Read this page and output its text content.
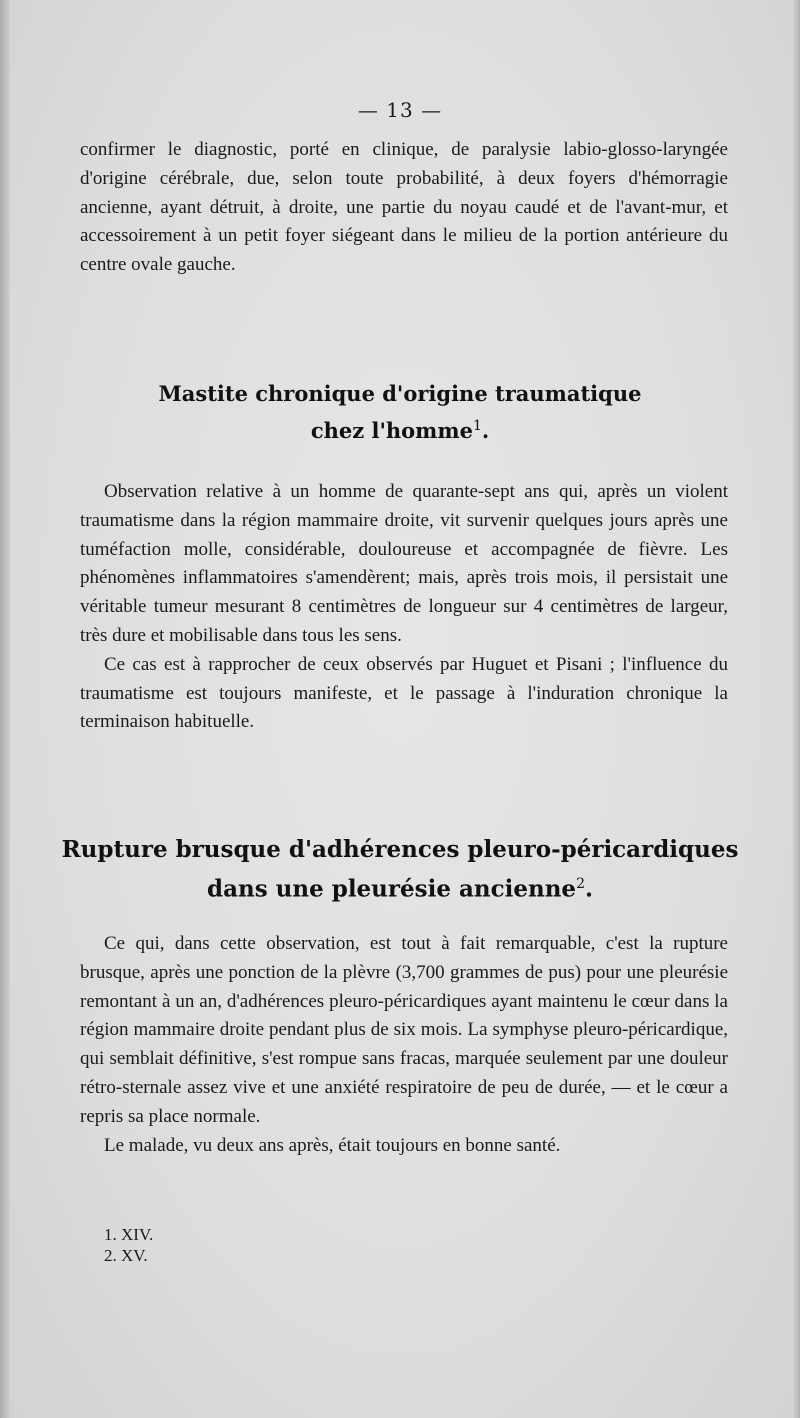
— 13 —

confirmer le diagnostic, porté en clinique, de paralysie labio-glosso-laryngée d'origine cérébrale, due, selon toute probabilité, à deux foyers d'hémorragie ancienne, ayant détruit, à droite, une partie du noyau caudé et de l'avant-mur, et accessoirement à un petit foyer siégeant dans le milieu de la portion antérieure du centre ovale gauche.

Mastite chronique d'origine traumatique
chez l'homme$^1$.

Observation relative à un homme de quarante-sept ans qui, après un violent traumatisme dans la région mammaire droite, vit survenir quelques jours après une tuméfaction molle, considérable, douloureuse et accompagnée de fièvre. Les phénomènes inflammatoires s'amendèrent; mais, après trois mois, il persistait une véritable tumeur mesurant 8 centimètres de longueur sur 4 centimètres de largeur, très dure et mobilisable dans tous les sens.

Ce cas est à rapprocher de ceux observés par Huguet et Pisani ; l'influence du traumatisme est toujours manifeste, et le passage à l'induration chronique la terminaison habituelle.

Rupture brusque d'adhérences pleuro-péricardiques
dans une pleurésie ancienne$^2$.

Ce qui, dans cette observation, est tout à fait remarquable, c'est la rupture brusque, après une ponction de la plèvre (3,700 grammes de pus) pour une pleurésie remontant à un an, d'adhérences pleuro-péricardiques ayant maintenu le cœur dans la région mammaire droite pendant plus de six mois. La symphyse pleuro-péricardique, qui semblait définitive, s'est rompue sans fracas, marquée seulement par une douleur rétro-sternale assez vive et une anxiété respiratoire de peu de durée, — et le cœur a repris sa place normale.

Le malade, vu deux ans après, était toujours en bonne santé.

1. XIV.
2. XV.
